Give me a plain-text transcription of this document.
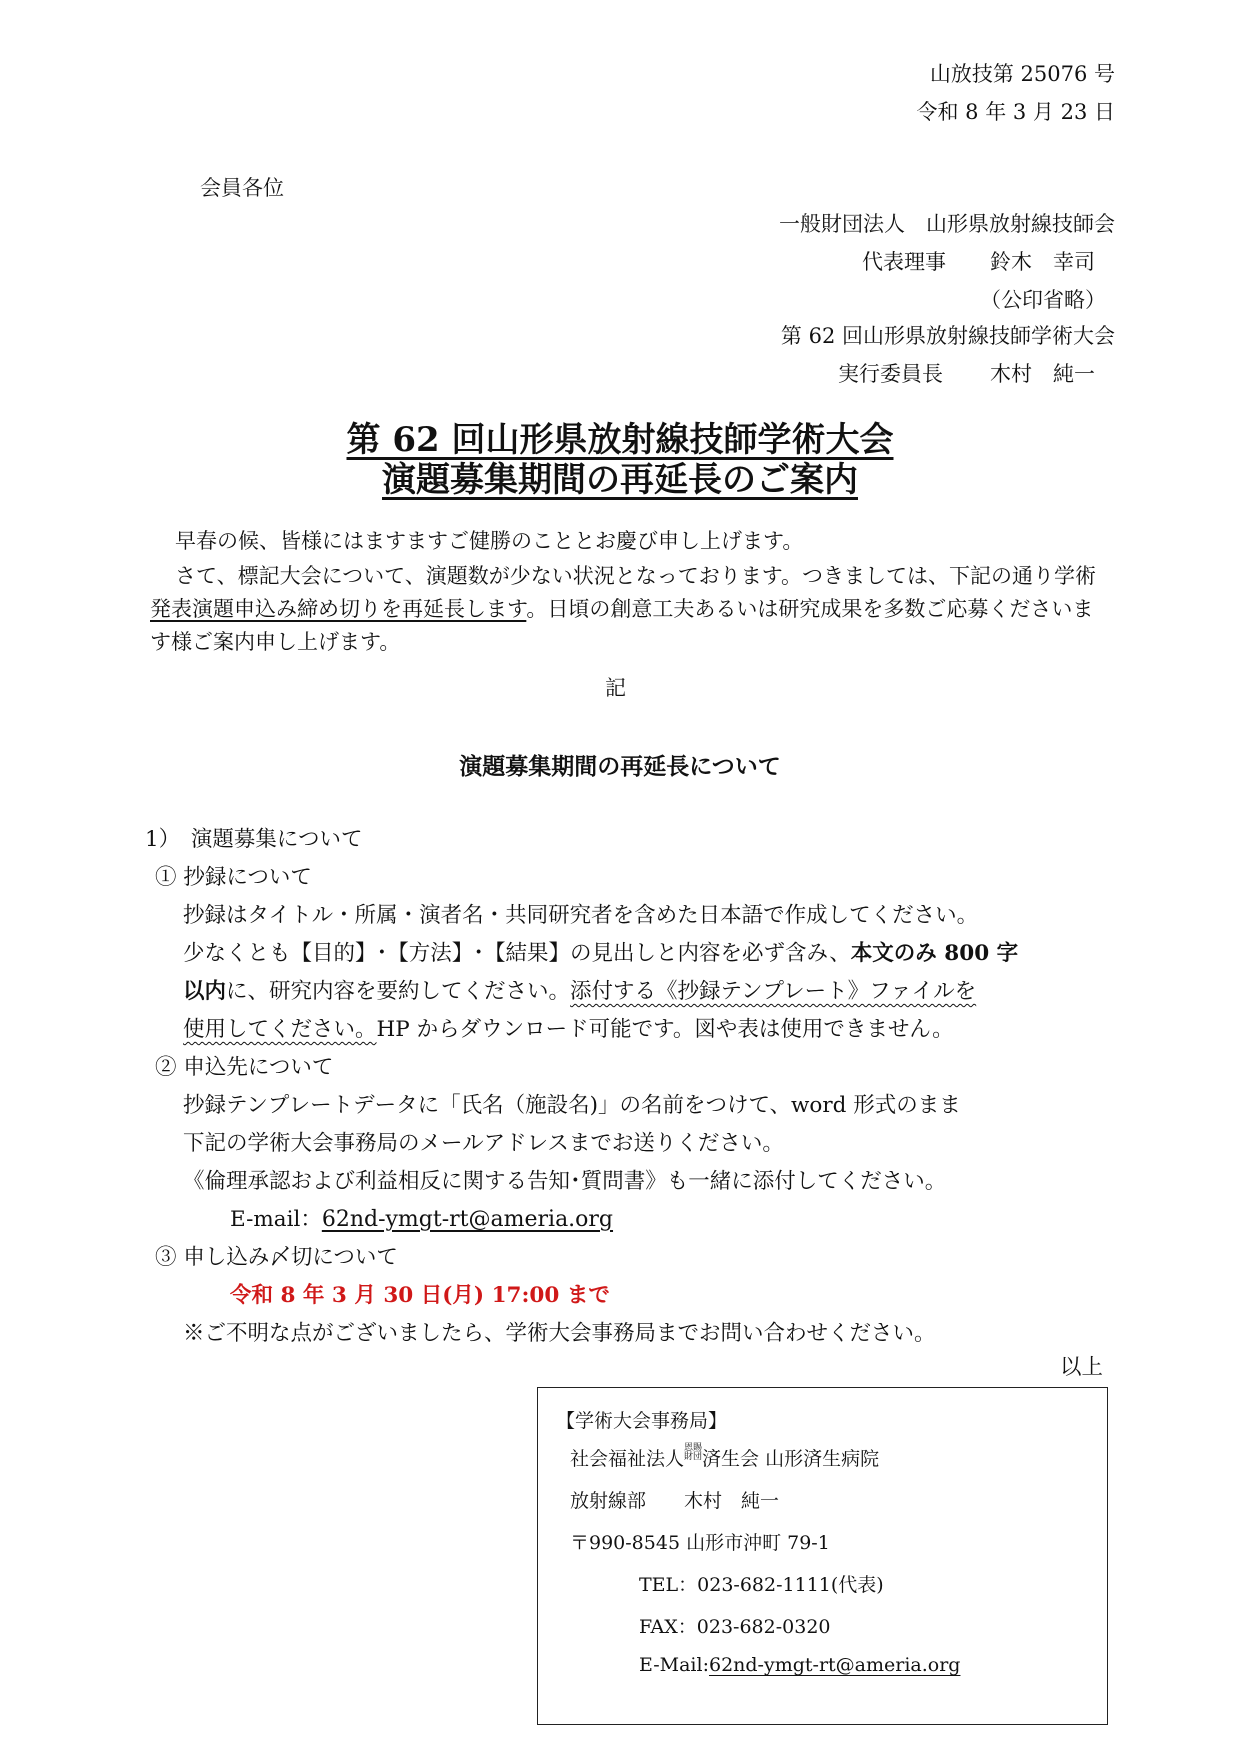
山放技第 25076 号
令和 8 年 3 月 23 日
会員各位
一般財団法人　山形県放射線技師会
代表理事 鈴木　幸司
（公印省略）
第 62 回山形県放射線技師学術大会
実行委員長 木村　純一
第 62 回山形県放射線技師学術大会
演題募集期間の再延長のご案内
早春の候、皆様にはますますご健勝のこととお慶び申し上げます。
さて、標記大会について、演題数が少ない状況となっております。つきましては、下記の通り学術発表演題申込み締め切りを再延長します。日頃の創意工夫あるいは研究成果を多数ご応募くださいます様ご案内申し上げます。
記
演題募集期間の再延長について
1）　演題募集について
① 抄録について
抄録はタイトル・所属・演者名・共同研究者を含めた日本語で作成してください。
少なくとも【目的】･【方法】･【結果】の見出しと内容を必ず含み、本文のみ 800 字
以内に、研究内容を要約してください。添付する《抄録テンプレート》ファイルを
使用してください。HP からダウンロード可能です。図や表は使用できません。
② 申込先について
抄録テンプレートデータに「氏名（施設名)」の名前をつけて、word 形式のまま
下記の学術大会事務局のメールアドレスまでお送りください。
《倫理承認および利益相反に関する告知･質問書》も一緒に添付してください。
E-mail：62nd-ymgt-rt@ameria.org
③ 申し込み〆切について
令和 8 年 3 月 30 日(月) 17:00 まで
※ご不明な点がございましたら、学術大会事務局までお問い合わせください。
以上
【学術大会事務局】
社会福祉法人 恩賜
財団 済生会 山形済生病院
放射線部　　木村　純一
〒990-8545 山形市沖町 79-1
TEL：023-682-1111(代表)
FAX：023-682-0320
E-Mail:62nd-ymgt-rt@ameria.org
